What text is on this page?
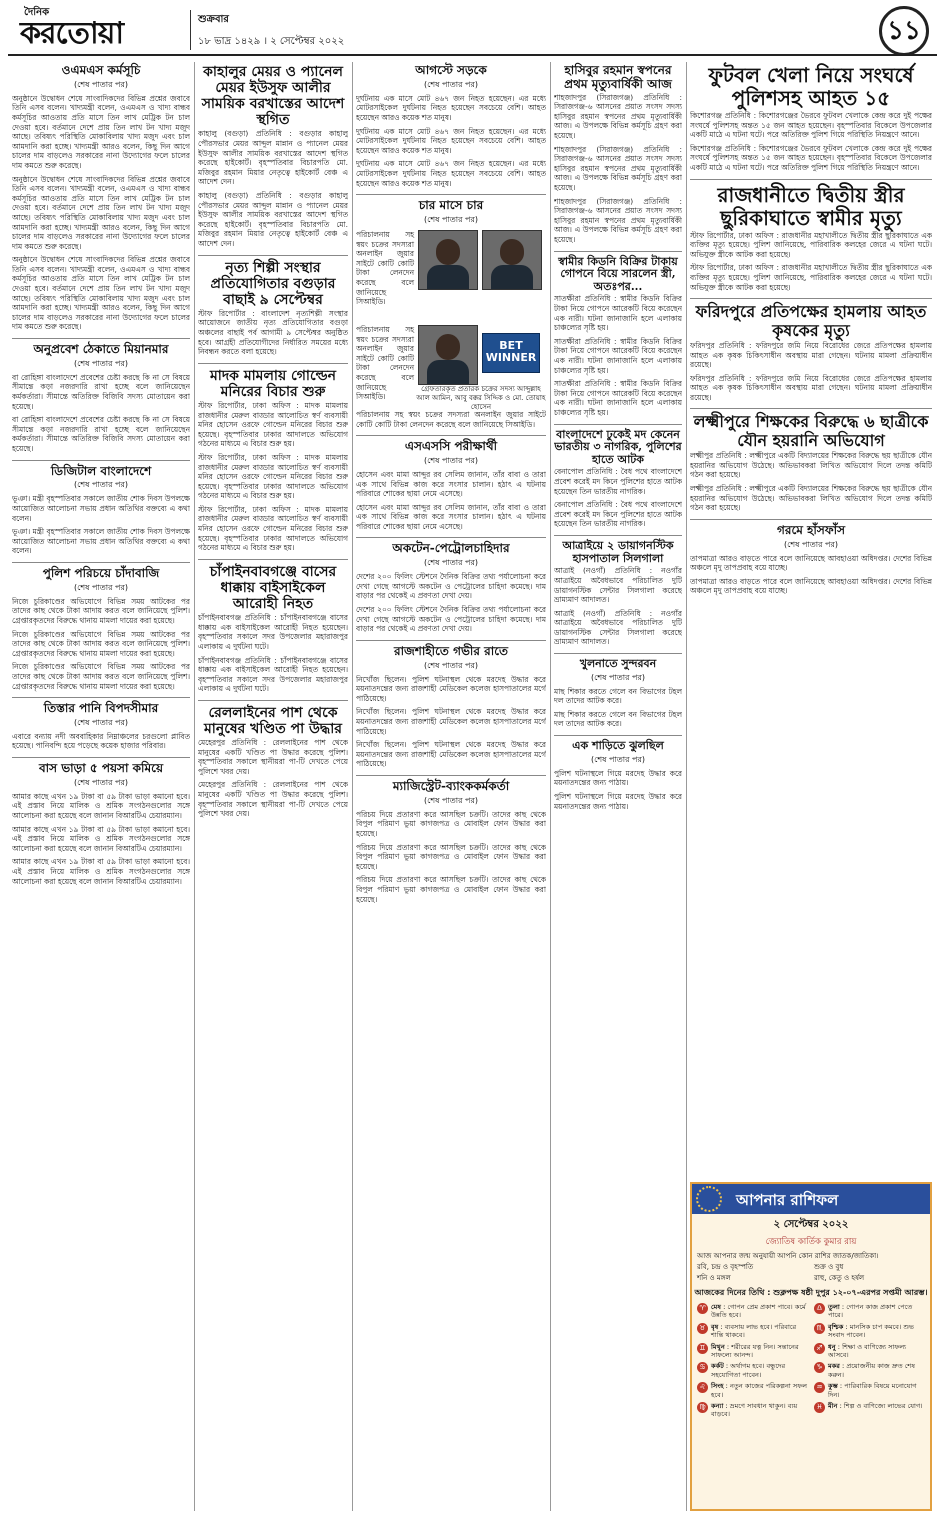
দৈনিক
করতোয়া	শুক্রবার
১৮ ভাদ্র ১৪২৯ । ২ সেপ্টেম্বর ২০২২	১১
ওএমএস কর্মসূচি
(শেষ পাতার পর)

অনুষ্ঠানে উদ্বোধন শেষে সাংবাদিকদের বিভিন্ন প্রশ্নের জবাবে তিনি এসব বলেন। খাদ্যমন্ত্রী বলেন, ওএমএস ও খাদ্য বান্ধব কর্মসূচির আওতায় প্রতি মাসে তিন লাখ মেট্রিক টন চাল দেওয়া হবে। বর্তমানে দেশে প্রায় তিন লাখ টন খাদ্য মজুদ আছে। তবিষ্যৎ পরিস্থিতি মোকাবিলায় খাদ্য মজুদ এবং চাল আমদানি করা হচ্ছে। খাদ্যমন্ত্রী আরও বলেন, কিছু দিন আগে চালের দাম বাড়লেও সরকারের নানা উদ্যোগের ফলে চালের দাম কমতে শুরু করেছে।

অনুষ্ঠানে উদ্বোধন শেষে সাংবাদিকদের বিভিন্ন প্রশ্নের জবাবে তিনি এসব বলেন। খাদ্যমন্ত্রী বলেন, ওএমএস ও খাদ্য বান্ধব কর্মসূচির আওতায় প্রতি মাসে তিন লাখ মেট্রিক টন চাল দেওয়া হবে। বর্তমানে দেশে প্রায় তিন লাখ টন খাদ্য মজুদ আছে। তবিষ্যৎ পরিস্থিতি মোকাবিলায় খাদ্য মজুদ এবং চাল আমদানি করা হচ্ছে। খাদ্যমন্ত্রী আরও বলেন, কিছু দিন আগে চালের দাম বাড়লেও সরকারের নানা উদ্যোগের ফলে চালের দাম কমতে শুরু করেছে।

অনুষ্ঠানে উদ্বোধন শেষে সাংবাদিকদের বিভিন্ন প্রশ্নের জবাবে তিনি এসব বলেন। খাদ্যমন্ত্রী বলেন, ওএমএস ও খাদ্য বান্ধব কর্মসূচির আওতায় প্রতি মাসে তিন লাখ মেট্রিক টন চাল দেওয়া হবে। বর্তমানে দেশে প্রায় তিন লাখ টন খাদ্য মজুদ আছে। তবিষ্যৎ পরিস্থিতি মোকাবিলায় খাদ্য মজুদ এবং চাল আমদানি করা হচ্ছে। খাদ্যমন্ত্রী আরও বলেন, কিছু দিন আগে চালের দাম বাড়লেও সরকারের নানা উদ্যোগের ফলে চালের দাম কমতে শুরু করেছে।

অনুপ্রবেশ ঠেকাতে মিয়ানমার
(শেষ পাতার পর)

বা রোহিঙ্গা বাংলাদেশে প্রবেশের চেষ্টা করছে কি না সে বিষয়ে সীমান্তে কড়া নজরদারি রাখা হচ্ছে বলে জানিয়েছেন কর্মকর্তারা। সীমান্তে অতিরিক্ত বিজিবি সদস্য মোতায়েন করা হয়েছে।

বা রোহিঙ্গা বাংলাদেশে প্রবেশের চেষ্টা করছে কি না সে বিষয়ে সীমান্তে কড়া নজরদারি রাখা হচ্ছে বলে জানিয়েছেন কর্মকর্তারা। সীমান্তে অতিরিক্ত বিজিবি সদস্য মোতায়েন করা হয়েছে।

ডিজিটাল বাংলাদেশে
(শেষ পাতার পর)

ভূঞা। মন্ত্রী বৃহস্পতিবার সকালে জাতীয় শোক দিবস উপলক্ষে আয়োজিত আলোচনা সভায় প্রধান অতিথির বক্তব্যে এ কথা বলেন।

ভূঞা। মন্ত্রী বৃহস্পতিবার সকালে জাতীয় শোক দিবস উপলক্ষে আয়োজিত আলোচনা সভায় প্রধান অতিথির বক্তব্যে এ কথা বলেন।

পুলিশ পরিচয়ে চাঁদাবাজি
(শেষ পাতার পর)

নিজে চুরিকাণ্ডের অভিযোগে বিভিন্ন সময় আটকের পর তাদের কাছ থেকে টাকা আদায় করত বলে জানিয়েছে পুলিশ। গ্রেপ্তারকৃতদের বিরুদ্ধে থানায় মামলা দায়ের করা হয়েছে।

নিজে চুরিকাণ্ডের অভিযোগে বিভিন্ন সময় আটকের পর তাদের কাছ থেকে টাকা আদায় করত বলে জানিয়েছে পুলিশ। গ্রেপ্তারকৃতদের বিরুদ্ধে থানায় মামলা দায়ের করা হয়েছে।

নিজে চুরিকাণ্ডের অভিযোগে বিভিন্ন সময় আটকের পর তাদের কাছ থেকে টাকা আদায় করত বলে জানিয়েছে পুলিশ। গ্রেপ্তারকৃতদের বিরুদ্ধে থানায় মামলা দায়ের করা হয়েছে।

তিস্তার পানি বিপদসীমার
(শেষ পাতার পর)

এবারে বন্যায় নদী অববাহিকার নিম্নাঞ্চলের চরগুলো প্লাবিত হয়েছে। পানিবন্দি হয়ে পড়েছে কয়েক হাজার পরিবার।

বাস ভাড়া ৫ পয়সা কমিয়ে
(শেষ পাতার পর)

আমার কাছে এখন ১৯ টাকা বা ৫৯ টাকা ভাড়া কমানো হবে। এই প্রস্তাব নিয়ে মালিক ও শ্রমিক সংগঠনগুলোর সঙ্গে আলোচনা করা হয়েছে বলে জানান বিআরটিএ চেয়ারম্যান।

আমার কাছে এখন ১৯ টাকা বা ৫৯ টাকা ভাড়া কমানো হবে। এই প্রস্তাব নিয়ে মালিক ও শ্রমিক সংগঠনগুলোর সঙ্গে আলোচনা করা হয়েছে বলে জানান বিআরটিএ চেয়ারম্যান।

আমার কাছে এখন ১৯ টাকা বা ৫৯ টাকা ভাড়া কমানো হবে। এই প্রস্তাব নিয়ে মালিক ও শ্রমিক সংগঠনগুলোর সঙ্গে আলোচনা করা হয়েছে বলে জানান বিআরটিএ চেয়ারম্যান।

কাহালুর মেয়র ও প্যানেল মেয়র ইউসুফ আলীর সাময়িক বরখাস্তের আদেশ স্থগিত

কাহালু (বগুড়া) প্রতিনিধি : বগুড়ার কাহালু পৌরসভার মেয়র আব্দুল মান্নান ও প্যানেল মেয়র ইউসুফ আলীর সাময়িক বরখাস্তের আদেশ স্থগিত করেছে হাইকোর্ট। বৃহস্পতিবার বিচারপতি মো. মজিবুর রহমান মিয়ার নেতৃত্বে হাইকোর্ট বেঞ্চ এ আদেশ দেন।

কাহালু (বগুড়া) প্রতিনিধি : বগুড়ার কাহালু পৌরসভার মেয়র আব্দুল মান্নান ও প্যানেল মেয়র ইউসুফ আলীর সাময়িক বরখাস্তের আদেশ স্থগিত করেছে হাইকোর্ট। বৃহস্পতিবার বিচারপতি মো. মজিবুর রহমান মিয়ার নেতৃত্বে হাইকোর্ট বেঞ্চ এ আদেশ দেন।

নৃত্য শিল্পী সংস্থার প্রতিযোগিতার বগুড়ার বাছাই ৯ সেপ্টেম্বর

স্টাফ রিপোর্টার : বাংলাদেশ নৃত্যশিল্পী সংস্থার আয়োজনে জাতীয় নৃত্য প্রতিযোগিতার বগুড়া অঞ্চলের বাছাই পর্ব আগামী ৯ সেপ্টেম্বর অনুষ্ঠিত হবে। আগ্রহী প্রতিযোগীদের নির্ধারিত সময়ের মধ্যে নিবন্ধন করতে বলা হয়েছে।

মাদক মামলায় গোল্ডেন মনিরের বিচার শুরু

স্টাফ রিপোর্টার, ঢাকা অফিস : মাদক মামলায় রাজধানীর মেরুল বাড্ডার আলোচিত স্বর্ণ ব্যবসায়ী মনির হোসেন ওরফে গোল্ডেন মনিরের বিচার শুরু হয়েছে। বৃহস্পতিবার ঢাকার আদালতে অভিযোগ গঠনের মাধ্যমে এ বিচার শুরু হয়।

স্টাফ রিপোর্টার, ঢাকা অফিস : মাদক মামলায় রাজধানীর মেরুল বাড্ডার আলোচিত স্বর্ণ ব্যবসায়ী মনির হোসেন ওরফে গোল্ডেন মনিরের বিচার শুরু হয়েছে। বৃহস্পতিবার ঢাকার আদালতে অভিযোগ গঠনের মাধ্যমে এ বিচার শুরু হয়।

স্টাফ রিপোর্টার, ঢাকা অফিস : মাদক মামলায় রাজধানীর মেরুল বাড্ডার আলোচিত স্বর্ণ ব্যবসায়ী মনির হোসেন ওরফে গোল্ডেন মনিরের বিচার শুরু হয়েছে। বৃহস্পতিবার ঢাকার আদালতে অভিযোগ গঠনের মাধ্যমে এ বিচার শুরু হয়।

চাঁপাইনবাবগঞ্জে বাসের ধাক্কায় বাইসাইকেল আরোহী নিহত

চাঁপাইনবাবগঞ্জ প্রতিনিধি : চাঁপাইনবাবগঞ্জে বাসের ধাক্কায় এক বাইসাইকেল আরোহী নিহত হয়েছেন। বৃহস্পতিবার সকালে সদর উপজেলার মহারাজপুর এলাকায় এ দুর্ঘটনা ঘটে।

চাঁপাইনবাবগঞ্জ প্রতিনিধি : চাঁপাইনবাবগঞ্জে বাসের ধাক্কায় এক বাইসাইকেল আরোহী নিহত হয়েছেন। বৃহস্পতিবার সকালে সদর উপজেলার মহারাজপুর এলাকায় এ দুর্ঘটনা ঘটে।

রেললাইনের পাশ থেকে মানুষের খণ্ডিত পা উদ্ধার

মেহেরপুর প্রতিনিধি : রেললাইনের পাশ থেকে মানুষের একটি খণ্ডিত পা উদ্ধার করেছে পুলিশ। বৃহস্পতিবার সকালে স্থানীয়রা পা-টি দেখতে পেয়ে পুলিশে খবর দেয়।

মেহেরপুর প্রতিনিধি : রেললাইনের পাশ থেকে মানুষের একটি খণ্ডিত পা উদ্ধার করেছে পুলিশ। বৃহস্পতিবার সকালে স্থানীয়রা পা-টি দেখতে পেয়ে পুলিশে খবর দেয়।

আগস্টে সড়কে
(শেষ পাতার পর)

দুর্ঘটনায় এক মাসে মোট ৪৬৭ জন নিহত হয়েছেন। এর মধ্যে মোটরসাইকেল দুর্ঘটনায় নিহত হয়েছেন সবচেয়ে বেশি। আহত হয়েছেন আরও কয়েক শত মানুষ।

দুর্ঘটনায় এক মাসে মোট ৪৬৭ জন নিহত হয়েছেন। এর মধ্যে মোটরসাইকেল দুর্ঘটনায় নিহত হয়েছেন সবচেয়ে বেশি। আহত হয়েছেন আরও কয়েক শত মানুষ।

দুর্ঘটনায় এক মাসে মোট ৪৬৭ জন নিহত হয়েছেন। এর মধ্যে মোটরসাইকেল দুর্ঘটনায় নিহত হয়েছেন সবচেয়ে বেশি। আহত হয়েছেন আরও কয়েক শত মানুষ।

চার মাসে চার
(শেষ পাতার পর)

পরিচালনায় সহ স্বয়ং চক্রের সদস্যরা অনলাইন জুয়ার সাইটে কোটি কোটি টাকা লেনদেন করেছে বলে জানিয়েছে সিআইডি।

পরিচালনায় সহ স্বয়ং চক্রের সদস্যরা অনলাইন জুয়ার সাইটে কোটি কোটি টাকা লেনদেন করেছে বলে জানিয়েছে সিআইডি।

BET
WINNER
গ্রেফতারকৃত প্রতারক চক্রের সদস্য আব্দুল্লাহ আল আমিন, আবু বক্কর সিদ্দিক ও মো. তোয়াহ হোসেন

পরিচালনায় সহ স্বয়ং চক্রের সদস্যরা অনলাইন জুয়ার সাইটে কোটি কোটি টাকা লেনদেন করেছে বলে জানিয়েছে সিআইডি।

এসএসসি পরীক্ষার্থী
(শেষ পাতার পর)

হোসেন এবং মামা আব্দুর রব সেলিম জানান, তাঁর বাবা ও তারা এক সাথে বিভিন্ন কাজ করে সংসার চালান। হঠাৎ এ ঘটনায় পরিবারে শোকের ছায়া নেমে এসেছে।

হোসেন এবং মামা আব্দুর রব সেলিম জানান, তাঁর বাবা ও তারা এক সাথে বিভিন্ন কাজ করে সংসার চালান। হঠাৎ এ ঘটনায় পরিবারে শোকের ছায়া নেমে এসেছে।

অকটেন-পেট্রোলচাহিদার
(শেষ পাতার পর)

দেশের ২০০ ফিলিং স্টেশনে দৈনিক বিক্রির তথ্য পর্যালোচনা করে দেখা গেছে আগস্টে অকটেন ও পেট্রোলের চাহিদা কমেছে। দাম বাড়ার পর থেকেই এ প্রবণতা দেখা দেয়।

দেশের ২০০ ফিলিং স্টেশনে দৈনিক বিক্রির তথ্য পর্যালোচনা করে দেখা গেছে আগস্টে অকটেন ও পেট্রোলের চাহিদা কমেছে। দাম বাড়ার পর থেকেই এ প্রবণতা দেখা দেয়।

রাজশাহীতে গভীর রাতে
(শেষ পাতার পর)

নিখোঁজ ছিলেন। পুলিশ ঘটনাস্থল থেকে মরদেহ উদ্ধার করে ময়নাতদন্তের জন্য রাজশাহী মেডিকেল কলেজ হাসপাতালের মর্গে পাঠিয়েছে।

নিখোঁজ ছিলেন। পুলিশ ঘটনাস্থল থেকে মরদেহ উদ্ধার করে ময়নাতদন্তের জন্য রাজশাহী মেডিকেল কলেজ হাসপাতালের মর্গে পাঠিয়েছে।

নিখোঁজ ছিলেন। পুলিশ ঘটনাস্থল থেকে মরদেহ উদ্ধার করে ময়নাতদন্তের জন্য রাজশাহী মেডিকেল কলেজ হাসপাতালের মর্গে পাঠিয়েছে।

ম্যাজিস্ট্রেট-ব্যাংককর্মকর্তা
(শেষ পাতার পর)

পরিচয় দিয়ে প্রতারণা করে আসছিল চক্রটি। তাদের কাছ থেকে বিপুল পরিমাণ ভুয়া কাগজপত্র ও মোবাইল ফোন উদ্ধার করা হয়েছে।

পরিচয় দিয়ে প্রতারণা করে আসছিল চক্রটি। তাদের কাছ থেকে বিপুল পরিমাণ ভুয়া কাগজপত্র ও মোবাইল ফোন উদ্ধার করা হয়েছে।

পরিচয় দিয়ে প্রতারণা করে আসছিল চক্রটি। তাদের কাছ থেকে বিপুল পরিমাণ ভুয়া কাগজপত্র ও মোবাইল ফোন উদ্ধার করা হয়েছে।

হাসিবুর রহমান স্বপনের প্রথম মৃত্যুবার্ষিকী আজ

শাহজাদপুর (সিরাজগঞ্জ) প্রতিনিধি : সিরাজগঞ্জ-৬ আসনের প্রয়াত সংসদ সদস্য হাসিবুর রহমান স্বপনের প্রথম মৃত্যুবার্ষিকী আজ। এ উপলক্ষে বিভিন্ন কর্মসূচি গ্রহণ করা হয়েছে।

শাহজাদপুর (সিরাজগঞ্জ) প্রতিনিধি : সিরাজগঞ্জ-৬ আসনের প্রয়াত সংসদ সদস্য হাসিবুর রহমান স্বপনের প্রথম মৃত্যুবার্ষিকী আজ। এ উপলক্ষে বিভিন্ন কর্মসূচি গ্রহণ করা হয়েছে।

শাহজাদপুর (সিরাজগঞ্জ) প্রতিনিধি : সিরাজগঞ্জ-৬ আসনের প্রয়াত সংসদ সদস্য হাসিবুর রহমান স্বপনের প্রথম মৃত্যুবার্ষিকী আজ। এ উপলক্ষে বিভিন্ন কর্মসূচি গ্রহণ করা হয়েছে।

স্বামীর কিডনি বিক্রির টাকায় গোপনে বিয়ে সারলেন স্ত্রী, অতঃপর...

সাতক্ষীরা প্রতিনিধি : স্বামীর কিডনি বিক্রির টাকা নিয়ে গোপনে আরেকটি বিয়ে করেছেন এক নারী। ঘটনা জানাজানি হলে এলাকায় চাঞ্চল্যের সৃষ্টি হয়।

সাতক্ষীরা প্রতিনিধি : স্বামীর কিডনি বিক্রির টাকা নিয়ে গোপনে আরেকটি বিয়ে করেছেন এক নারী। ঘটনা জানাজানি হলে এলাকায় চাঞ্চল্যের সৃষ্টি হয়।

সাতক্ষীরা প্রতিনিধি : স্বামীর কিডনি বিক্রির টাকা নিয়ে গোপনে আরেকটি বিয়ে করেছেন এক নারী। ঘটনা জানাজানি হলে এলাকায় চাঞ্চল্যের সৃষ্টি হয়।

বাংলাদেশে ঢুকেই মদ কেনেন ভারতীয় ৩ নাগরিক, পুলিশের হাতে আটক

বেনাপোল প্রতিনিধি : বৈধ পথে বাংলাদেশে প্রবেশ করেই মদ কিনে পুলিশের হাতে আটক হয়েছেন তিন ভারতীয় নাগরিক।

বেনাপোল প্রতিনিধি : বৈধ পথে বাংলাদেশে প্রবেশ করেই মদ কিনে পুলিশের হাতে আটক হয়েছেন তিন ভারতীয় নাগরিক।

আত্রাইয়ে ২ ডায়াগনস্টিক হাসপাতাল সিলগালা

আত্রাই (নওগাঁ) প্রতিনিধি : নওগাঁর আত্রাইয়ে অবৈধভাবে পরিচালিত দুটি ডায়াগনস্টিক সেন্টার সিলগালা করেছে ভ্রাম্যমাণ আদালত।

আত্রাই (নওগাঁ) প্রতিনিধি : নওগাঁর আত্রাইয়ে অবৈধভাবে পরিচালিত দুটি ডায়াগনস্টিক সেন্টার সিলগালা করেছে ভ্রাম্যমাণ আদালত।

খুলনাতে সুন্দরবন
(শেষ পাতার পর)

মাছ শিকার করতে গেলে বন বিভাগের টহল দল তাদের আটক করে।

মাছ শিকার করতে গেলে বন বিভাগের টহল দল তাদের আটক করে।

এক শাড়িতে ঝুলছিল
(শেষ পাতার পর)

পুলিশ ঘটনাস্থলে গিয়ে মরদেহ উদ্ধার করে ময়নাতদন্তের জন্য পাঠায়।

পুলিশ ঘটনাস্থলে গিয়ে মরদেহ উদ্ধার করে ময়নাতদন্তের জন্য পাঠায়।

ফুটবল খেলা নিয়ে সংঘর্ষে পুলিশসহ আহত ১৫

কিশোরগঞ্জ প্রতিনিধি : কিশোরগঞ্জের ভৈরবে ফুটবল খেলাকে কেন্দ্র করে দুই পক্ষের সংঘর্ষে পুলিশসহ অন্তত ১৫ জন আহত হয়েছেন। বৃহস্পতিবার বিকেলে উপজেলার একটি মাঠে এ ঘটনা ঘটে। পরে অতিরিক্ত পুলিশ গিয়ে পরিস্থিতি নিয়ন্ত্রণে আনে।

কিশোরগঞ্জ প্রতিনিধি : কিশোরগঞ্জের ভৈরবে ফুটবল খেলাকে কেন্দ্র করে দুই পক্ষের সংঘর্ষে পুলিশসহ অন্তত ১৫ জন আহত হয়েছেন। বৃহস্পতিবার বিকেলে উপজেলার একটি মাঠে এ ঘটনা ঘটে। পরে অতিরিক্ত পুলিশ গিয়ে পরিস্থিতি নিয়ন্ত্রণে আনে।

রাজধানীতে দ্বিতীয় স্ত্রীর ছুরিকাঘাতে স্বামীর মৃত্যু

স্টাফ রিপোর্টার, ঢাকা অফিস : রাজধানীর মহাখালীতে দ্বিতীয় স্ত্রীর ছুরিকাঘাতে এক ব্যক্তির মৃত্যু হয়েছে। পুলিশ জানিয়েছে, পারিবারিক কলহের জেরে এ ঘটনা ঘটে। অভিযুক্ত স্ত্রীকে আটক করা হয়েছে।

স্টাফ রিপোর্টার, ঢাকা অফিস : রাজধানীর মহাখালীতে দ্বিতীয় স্ত্রীর ছুরিকাঘাতে এক ব্যক্তির মৃত্যু হয়েছে। পুলিশ জানিয়েছে, পারিবারিক কলহের জেরে এ ঘটনা ঘটে। অভিযুক্ত স্ত্রীকে আটক করা হয়েছে।

ফরিদপুরে প্রতিপক্ষের হামলায় আহত কৃষকের মৃত্যু

ফরিদপুর প্রতিনিধি : ফরিদপুরে জমি নিয়ে বিরোধের জেরে প্রতিপক্ষের হামলায় আহত এক কৃষক চিকিৎসাধীন অবস্থায় মারা গেছেন। ঘটনায় মামলা প্রক্রিয়াধীন রয়েছে।

ফরিদপুর প্রতিনিধি : ফরিদপুরে জমি নিয়ে বিরোধের জেরে প্রতিপক্ষের হামলায় আহত এক কৃষক চিকিৎসাধীন অবস্থায় মারা গেছেন। ঘটনায় মামলা প্রক্রিয়াধীন রয়েছে।

লক্ষ্মীপুরে শিক্ষকের বিরুদ্ধে ৬ ছাত্রীকে যৌন হয়রানি অভিযোগ

লক্ষ্মীপুর প্রতিনিধি : লক্ষ্মীপুরে একটি বিদ্যালয়ের শিক্ষকের বিরুদ্ধে ছয় ছাত্রীকে যৌন হয়রানির অভিযোগ উঠেছে। অভিভাবকরা লিখিত অভিযোগ দিলে তদন্ত কমিটি গঠন করা হয়েছে।

লক্ষ্মীপুর প্রতিনিধি : লক্ষ্মীপুরে একটি বিদ্যালয়ের শিক্ষকের বিরুদ্ধে ছয় ছাত্রীকে যৌন হয়রানির অভিযোগ উঠেছে। অভিভাবকরা লিখিত অভিযোগ দিলে তদন্ত কমিটি গঠন করা হয়েছে।

গরমে হাঁসফাঁস
(শেষ পাতার পর)

তাপমাত্রা আরও বাড়তে পারে বলে জানিয়েছে আবহাওয়া অধিদপ্তর। দেশের বিভিন্ন অঞ্চলে মৃদু তাপপ্রবাহ বয়ে যাচ্ছে।

তাপমাত্রা আরও বাড়তে পারে বলে জানিয়েছে আবহাওয়া অধিদপ্তর। দেশের বিভিন্ন অঞ্চলে মৃদু তাপপ্রবাহ বয়ে যাচ্ছে।

আপনার রাশিফল
২ সেপ্টেম্বর ২০২২
জ্যোতিষ কার্তিক কুমার রায়
আজ আপনার জন্ম অনুযায়ী আপনি কোন রাশির জাতক/জাতিকা।
রবি, চন্দ্র ও বৃহস্পতি	শুক্র ও বুধ
শনি ও মঙ্গল	রাহু, কেতু ও হর্ষল
আজকের দিনের তিথি : শুক্লপক্ষ ষষ্ঠী দুপুর ১২-০৭-এরপর সপ্তমী আরম্ভ।
♈ মেষ : গোপন প্রেম প্রকাশ পাবে। কর্মে উন্নতি হবে।
♎ তুলা : গোপন কাজ প্রকাশ পেতে পারে।
♉ বৃষ : ব্যবসায় লাভ হবে। পরিবারে শান্তি থাকবে।
♏ বৃশ্চিক : মানসিক চাপ কমবে। শুভ সংবাদ পাবেন।
♊ মিথুন : শরীরের যত্ন নিন। সন্তানের সাফল্যে আনন্দ।
♐ ধনু : শিক্ষা ও বাণিজ্যে সাফল্য আসবে।
♋ কর্কট : অর্থাগম হবে। বন্ধুদের সহযোগিতা পাবেন।
♑ মকর : প্রয়োজনীয় কাজ দ্রুত শেষ করুন।
♌ সিংহ : নতুন কাজের পরিকল্পনা সফল হবে।
♒ কুম্ভ : পারিবারিক বিষয়ে মনোযোগ দিন।
♍ কন্যা : ভ্রমণে সাবধান থাকুন। ব্যয় বাড়বে।
♓ মীন : শিল্প ও বাণিজ্যে লাভের যোগ।
